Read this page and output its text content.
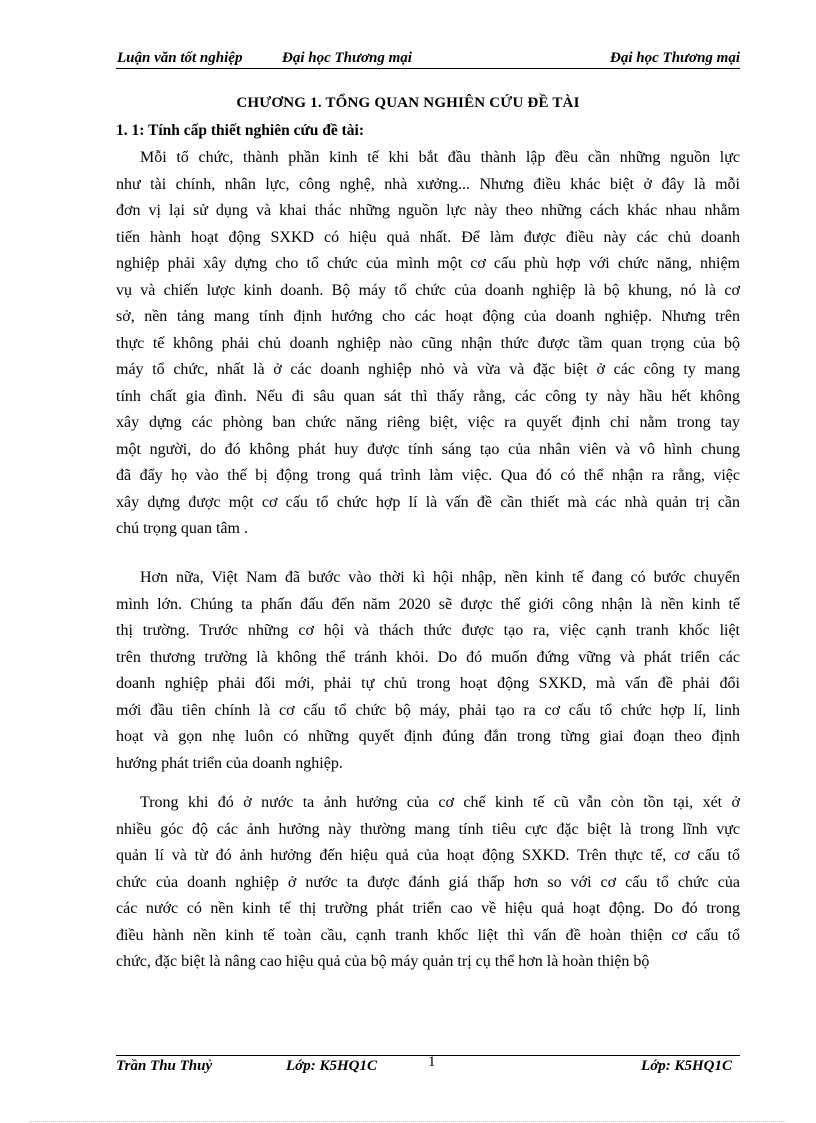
Luận văn tốt nghiệp	Đại học Thương mại	Đại học Thương mại
CHƯƠNG 1. TỔNG QUAN NGHIÊN CỨU ĐỀ TÀI
1. 1: Tính cấp thiết nghiên cứu đề tài:
Mỗi tổ chức, thành phần kinh tế khi bắt đầu thành lập đều cần những nguồn lực
như tài chính, nhân lực, công nghệ, nhà xưởng... Nhưng điều khác biệt ở đây là mỗi
đơn vị lại sử dụng và khai thác những nguồn lực này theo những cách khác nhau nhằm
tiến hành hoạt động SXKD có hiệu quả nhất. Để làm được điều này các chủ doanh
nghiệp phải xây dựng cho tổ chức của mình một cơ cấu phù hợp với chức năng, nhiệm
vụ và chiến lược kinh doanh. Bộ máy tổ chức của doanh nghiệp là bộ khung, nó là cơ
sở, nền tảng mang tính định hướng cho các hoạt động của doanh nghiệp. Nhưng trên
thực tế không phải chủ doanh nghiệp nào cũng nhận thức được tầm quan trọng của bộ
máy tổ chức, nhất là ở các doanh nghiệp nhỏ và vừa và đặc biệt ở các công ty mang
tính chất gia đình. Nếu đi sâu quan sát thì thấy rằng, các công ty này hầu hết không
xây dựng các phòng ban chức năng riêng biệt, việc ra quyết định chỉ nằm trong tay
một người, do đó không phát huy được tính sáng tạo của nhân viên và vô hình chung
đã đẩy họ vào thế bị động trong quá trình làm việc. Qua đó có thể nhận ra rằng, việc
xây dựng được một cơ cấu tổ chức hợp lí là vấn đề cần thiết mà các nhà quản trị cần
chú trọng quan tâm .
Hơn nữa, Việt Nam đã bước vào thời kì hội nhập, nền kinh tế đang có bước chuyển
mình lớn. Chúng ta phấn đấu đến năm 2020 sẽ được thế giới công nhận là nền kinh tế
thị trường. Trước những cơ hội và thách thức được tạo ra, việc cạnh tranh khốc liệt
trên thương trường là không thể tránh khỏi. Do đó muốn đứng vững và phát triển các
doanh nghiệp phải đổi mới, phải tự chủ trong hoạt động SXKD, mà vấn đề phải đổi
mới đầu tiên chính là cơ cấu tổ chức bộ máy, phải tạo ra cơ cấu tổ chức hợp lí, linh
hoạt và gọn nhẹ luôn có những quyết định đúng đắn trong từng giai đoạn theo định
hướng phát triển của doanh nghiệp.
Trong khi đó ở nước ta ảnh hưởng của cơ chế kinh tế cũ vẫn còn tồn tại, xét ở
nhiều góc độ các ảnh hưởng này thường mang tính tiêu cực đặc biệt là trong lĩnh vực
quản lí và từ đó ảnh hưởng đến hiệu quả của hoạt động SXKD. Trên thực tế, cơ cấu tổ
chức của doanh nghiệp ở nước ta được đánh giá thấp hơn so với cơ cấu tổ chức của
các nước có nền kinh tế thị trường phát triển cao về hiệu quả hoạt động. Do đó trong
điều hành nền kinh tế toàn cầu, cạnh tranh khốc liệt thì vấn đề hoàn thiện cơ cấu tổ
chức, đặc biệt là nâng cao hiệu quả của bộ máy quản trị cụ thể hơn là hoàn thiện bộ
Trần Thu Thuỷ	Lớp: K5HQ1C	1	Lớp: K5HQ1C
